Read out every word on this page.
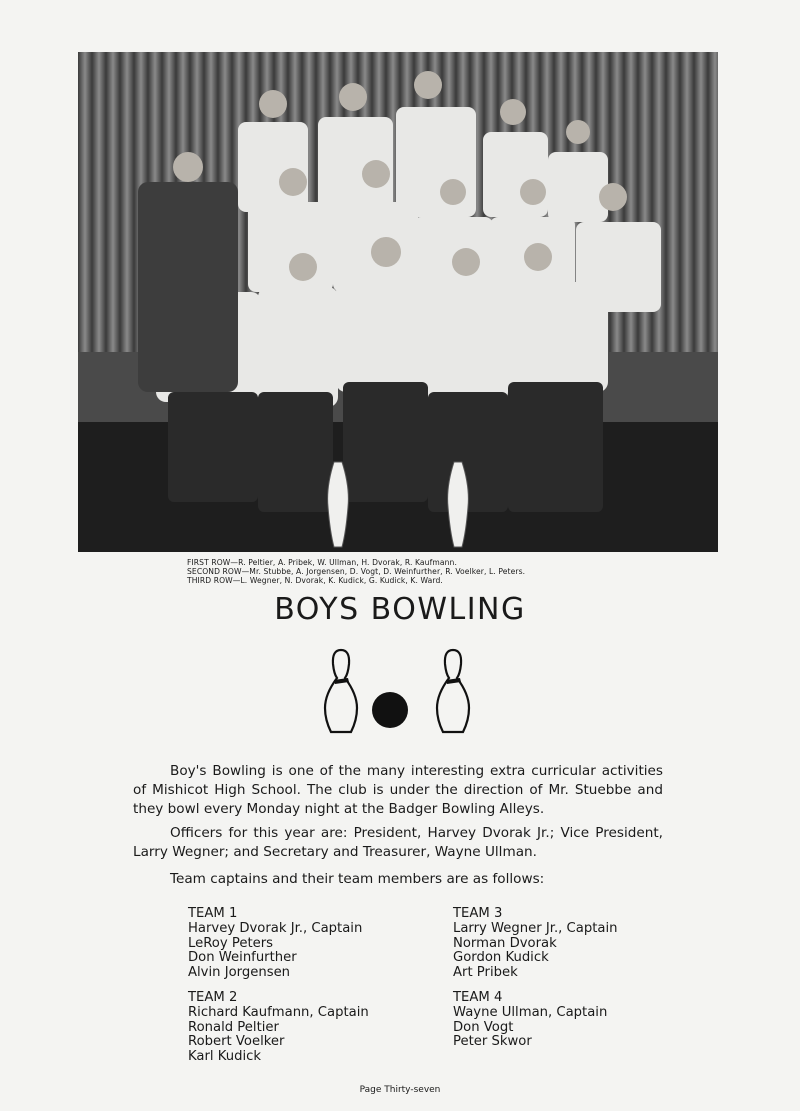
FIRST ROW—R. Peltier, A. Pribek, W. Ullman, H. Dvorak, R. Kaufmann.
SECOND ROW—Mr. Stubbe, A. Jorgensen, D. Vogt, D. Weinfurther, R. Voelker, L. Peters.
THIRD ROW—L. Wegner, N. Dvorak, K. Kudick, G. Kudick, K. Ward.
BOYS BOWLING
Boy's Bowling is one of the many interesting extra curricular activities of Mishicot High School. The club is under the direction of Mr. Stuebbe and they bowl every Monday night at the Badger Bowling Alleys.
Officers for this year are: President, Harvey Dvorak Jr.; Vice President, Larry Wegner; and Secretary and Treasurer, Wayne Ullman.
Team captains and their team members are as follows:
TEAM 1
Harvey Dvorak Jr., Captain
LeRoy Peters
Don Weinfurther
Alvin Jorgensen
TEAM 2
Richard Kaufmann, Captain
Ronald Peltier
Robert Voelker
Karl Kudick
TEAM 3
Larry Wegner Jr., Captain
Norman Dvorak
Gordon Kudick
Art Pribek
TEAM 4
Wayne Ullman, Captain
Don Vogt
Peter Skwor
Page Thirty-seven
